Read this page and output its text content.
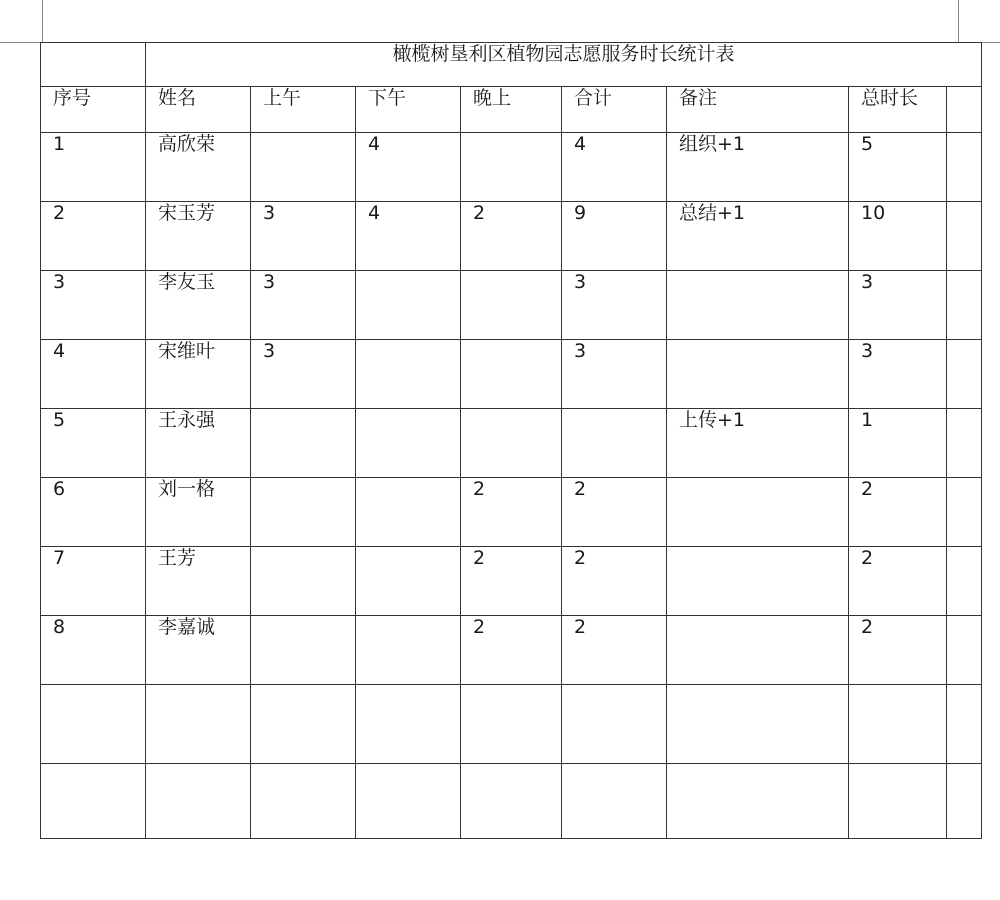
	橄榄树垦利区植物园志愿服务时长统计表							
序号	姓名	上午	下午	晚上	合计	备注	总时长	
1	高欣荣		4		4	组织+1	5	
2	宋玉芳	3	4	2	9	总结+1	10	
3	李友玉	3			3		3	
4	宋维叶	3			3		3	
5	王永强					上传+1	1	
6	刘一格			2	2		2	
7	王芳			2	2		2	
8	李嘉诚			2	2		2	
